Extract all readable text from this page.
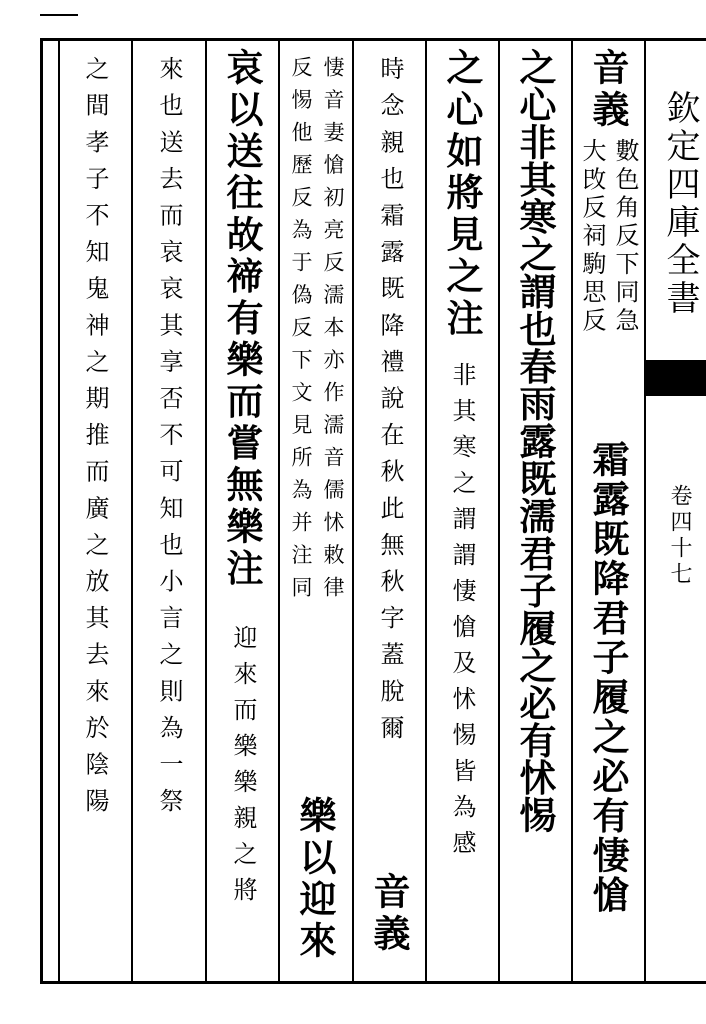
欽定四庫全書
卷四十七
音義
數色角反下同急
大攺反祠駒思反
霜露既降君子履之必有悽愴
之心非其寒之謂也春雨露既濡君子履之必有怵惕
之心如將見之注
非其寒之謂謂悽愴及怵惕皆為感
時念親也霜露既降禮說在秋此無秋字蓋脫爾
音義
悽音妻愴初亮反濡本亦作濡音儒怵敕律
反惕他歷反為于偽反下文見所為并注同
樂以迎來
哀以送往故禘有樂而嘗無樂注
迎來而樂樂親之將
來也送去而哀哀其享否不可知也小言之則為一祭
之間孝子不知鬼神之期推而廣之放其去來於陰陽
